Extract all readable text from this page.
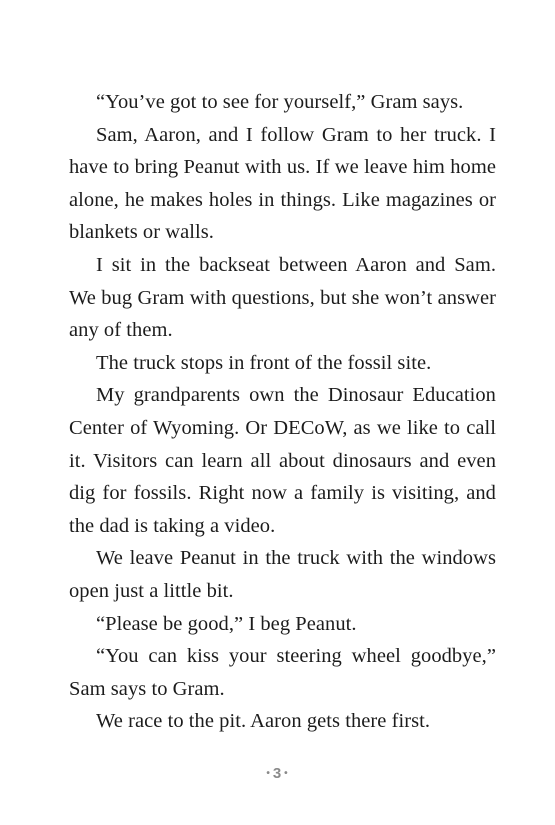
“You’ve got to see for yourself,” Gram says.

Sam, Aaron, and I follow Gram to her truck. I have to bring Peanut with us. If we leave him home alone, he makes holes in things. Like magazines or blankets or walls.

I sit in the backseat between Aaron and Sam. We bug Gram with questions, but she won’t answer any of them.

The truck stops in front of the fossil site.

My grandparents own the Dinosaur Education Center of Wyoming. Or DECoW, as we like to call it. Visitors can learn all about dinosaurs and even dig for fossils. Right now a family is visiting, and the dad is taking a video.

We leave Peanut in the truck with the windows open just a little bit.

“Please be good,” I beg Peanut.

“You can kiss your steering wheel goodbye,” Sam says to Gram.

We race to the pit. Aaron gets there first.

• 3 •
